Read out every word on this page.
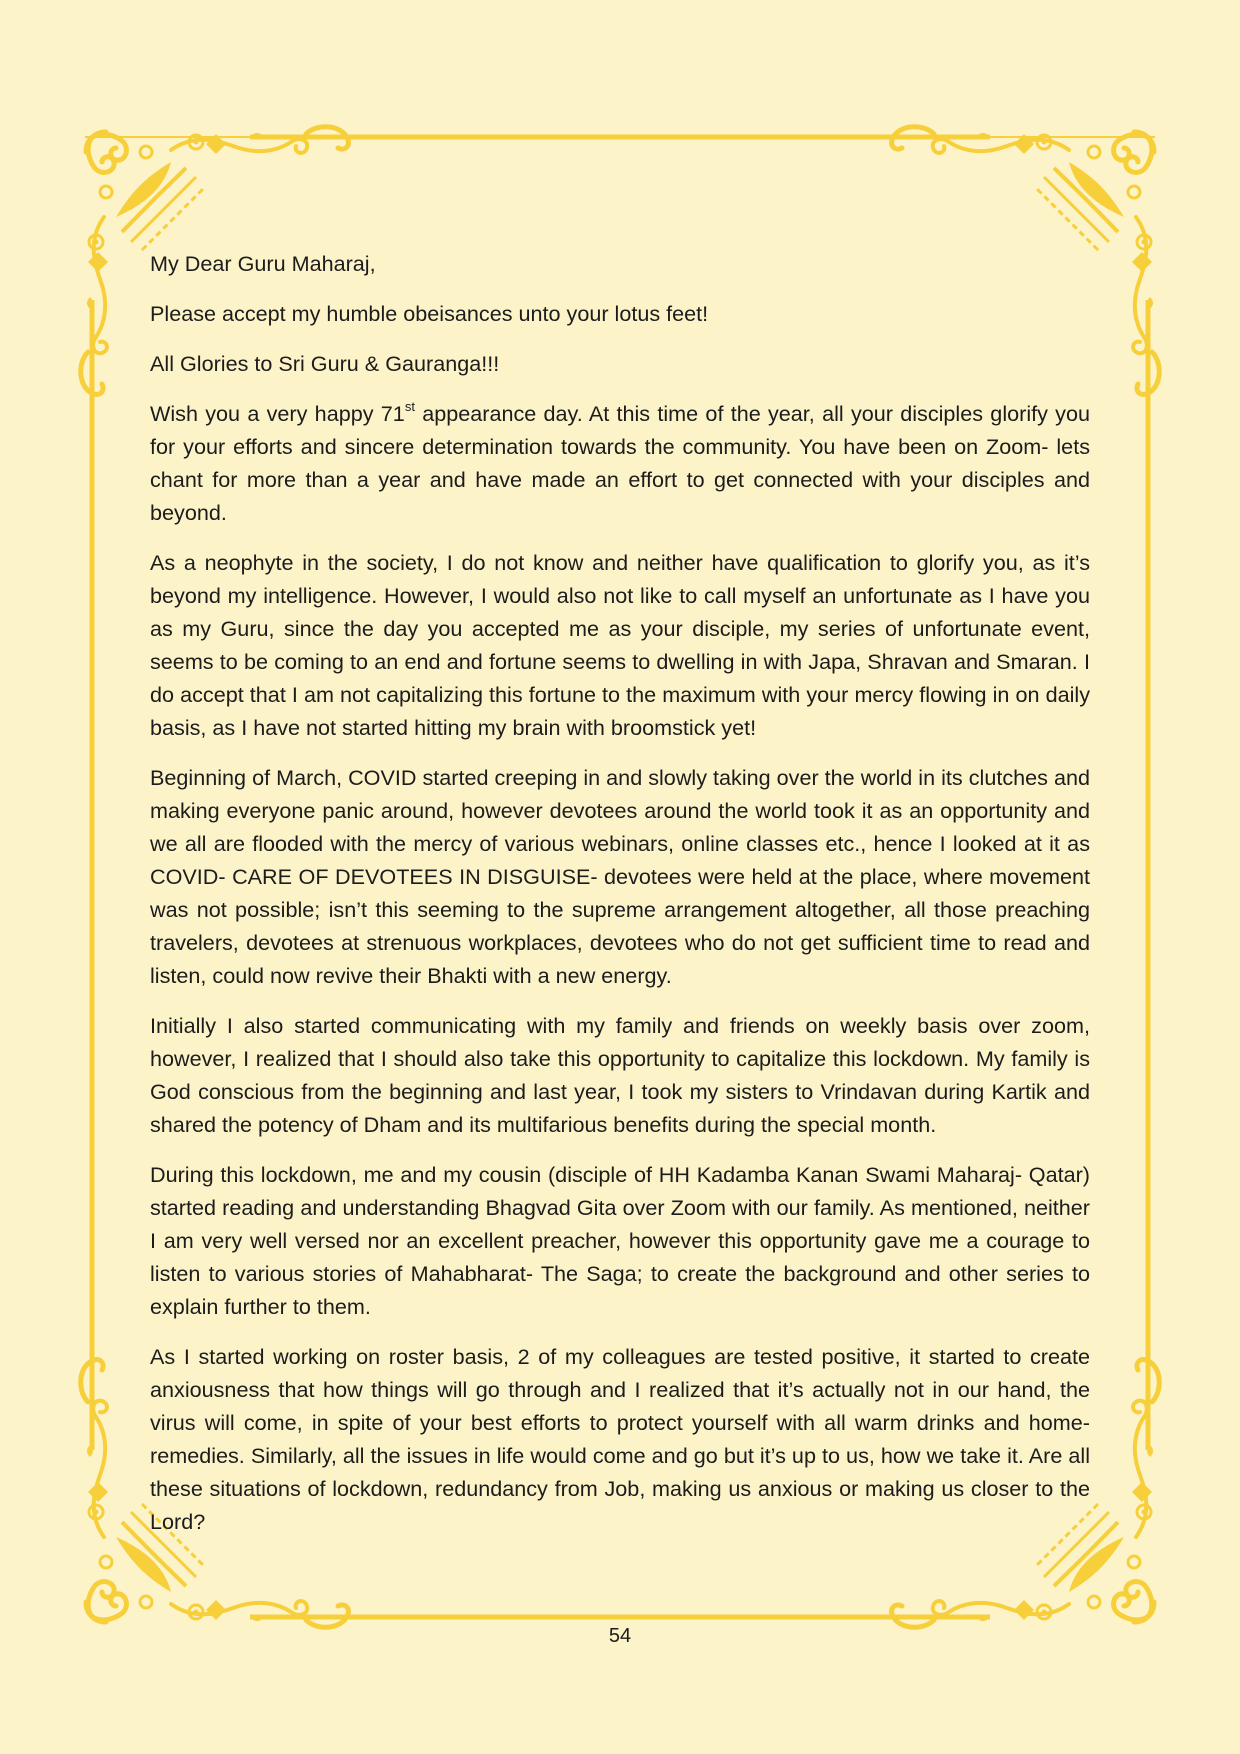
My Dear Guru Maharaj,

Please accept my humble obeisances unto your lotus feet!

All Glories to Sri Guru & Gauranga!!!

Wish you a very happy 71st appearance day. At this time of the year, all your disciples glorify you for your efforts and sincere determination towards the community. You have been on Zoom- lets chant for more than a year and have made an effort to get connected with your disciples and beyond.

As a neophyte in the society, I do not know and neither have qualification to glorify you, as it’s beyond my intelligence. However, I would also not like to call myself an unfortunate as I have you as my Guru, since the day you accepted me as your disciple, my series of unfortunate event, seems to be coming to an end and fortune seems to dwelling in with Japa, Shravan and Smaran. I do accept that I am not capitalizing this fortune to the maximum with your mercy flowing in on daily basis, as I have not started hitting my brain with broomstick yet!

Beginning of March, COVID started creeping in and slowly taking over the world in its clutches and making everyone panic around, however devotees around the world took it as an opportunity and we all are flooded with the mercy of various webinars, online classes etc., hence I looked at it as COVID- CARE OF DEVOTEES IN DISGUISE- devotees were held at the place, where movement was not possible; isn’t this seeming to the supreme arrangement altogether, all those preaching travelers, devotees at strenuous workplaces, devotees who do not get sufficient time to read and listen, could now revive their Bhakti with a new energy.

Initially I also started communicating with my family and friends on weekly basis over zoom, however, I realized that I should also take this opportunity to capitalize this lockdown. My family is God conscious from the beginning and last year, I took my sisters to Vrindavan during Kartik and shared the potency of Dham and its multifarious benefits during the special month.

During this lockdown, me and my cousin (disciple of HH Kadamba Kanan Swami Maharaj- Qatar) started reading and understanding Bhagvad Gita over Zoom with our family. As mentioned, neither I am very well versed nor an excellent preacher, however this opportunity gave me a courage to listen to various stories of Mahabharat- The Saga; to create the background and other series to explain further to them.

As I started working on roster basis, 2 of my colleagues are tested positive, it started to create anxiousness that how things will go through and I realized that it’s actually not in our hand, the virus will come, in spite of your best efforts to protect yourself with all warm drinks and home-remedies. Similarly, all the issues in life would come and go but it’s up to us, how we take it. Are all these situations of lockdown, redundancy from Job, making us anxious or making us closer to the Lord?

54
